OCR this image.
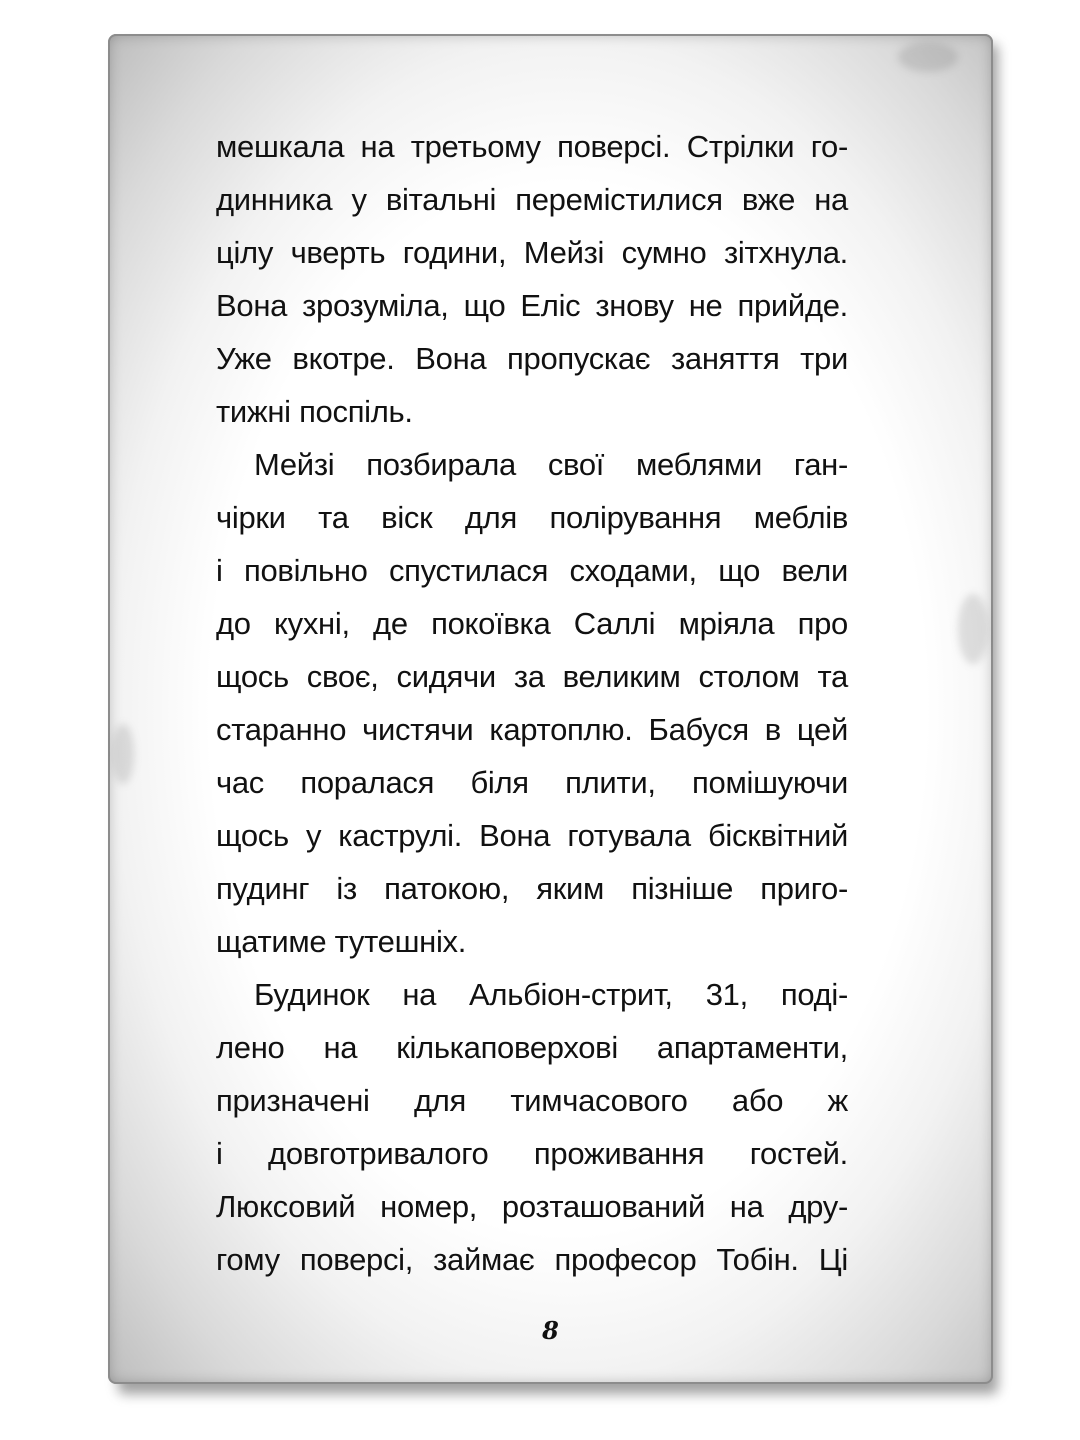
мешкала на третьому поверсі. Стрілки го-
динника у вітальні перемістилися вже на
цілу чверть години, Мейзі сумно зітхнула.
Вона зрозуміла, що Еліс знову не прийде.
Уже вкотре. Вона пропускає заняття три
тижні поспіль.
Мейзі позбирала свої меблями ган-
чірки та віск для полірування меблів
і повільно спустилася сходами, що вели
до кухні, де покоївка Саллі мріяла про
щось своє, сидячи за великим столом та
старанно чистячи картоплю. Бабуся в цей
час поралася біля плити, помішуючи
щось у каструлі. Вона готувала бісквітний
пудинг із патокою, яким пізніше приго-
щатиме тутешніх.
Будинок на Альбіон-стрит, 31, поді-
лено на кількаповерхові апартаменти,
призначені для тимчасового або ж
і довготривалого проживання гостей.
Люксовий номер, розташований на дру-
гому поверсі, займає професор Тобін. Ці
8
